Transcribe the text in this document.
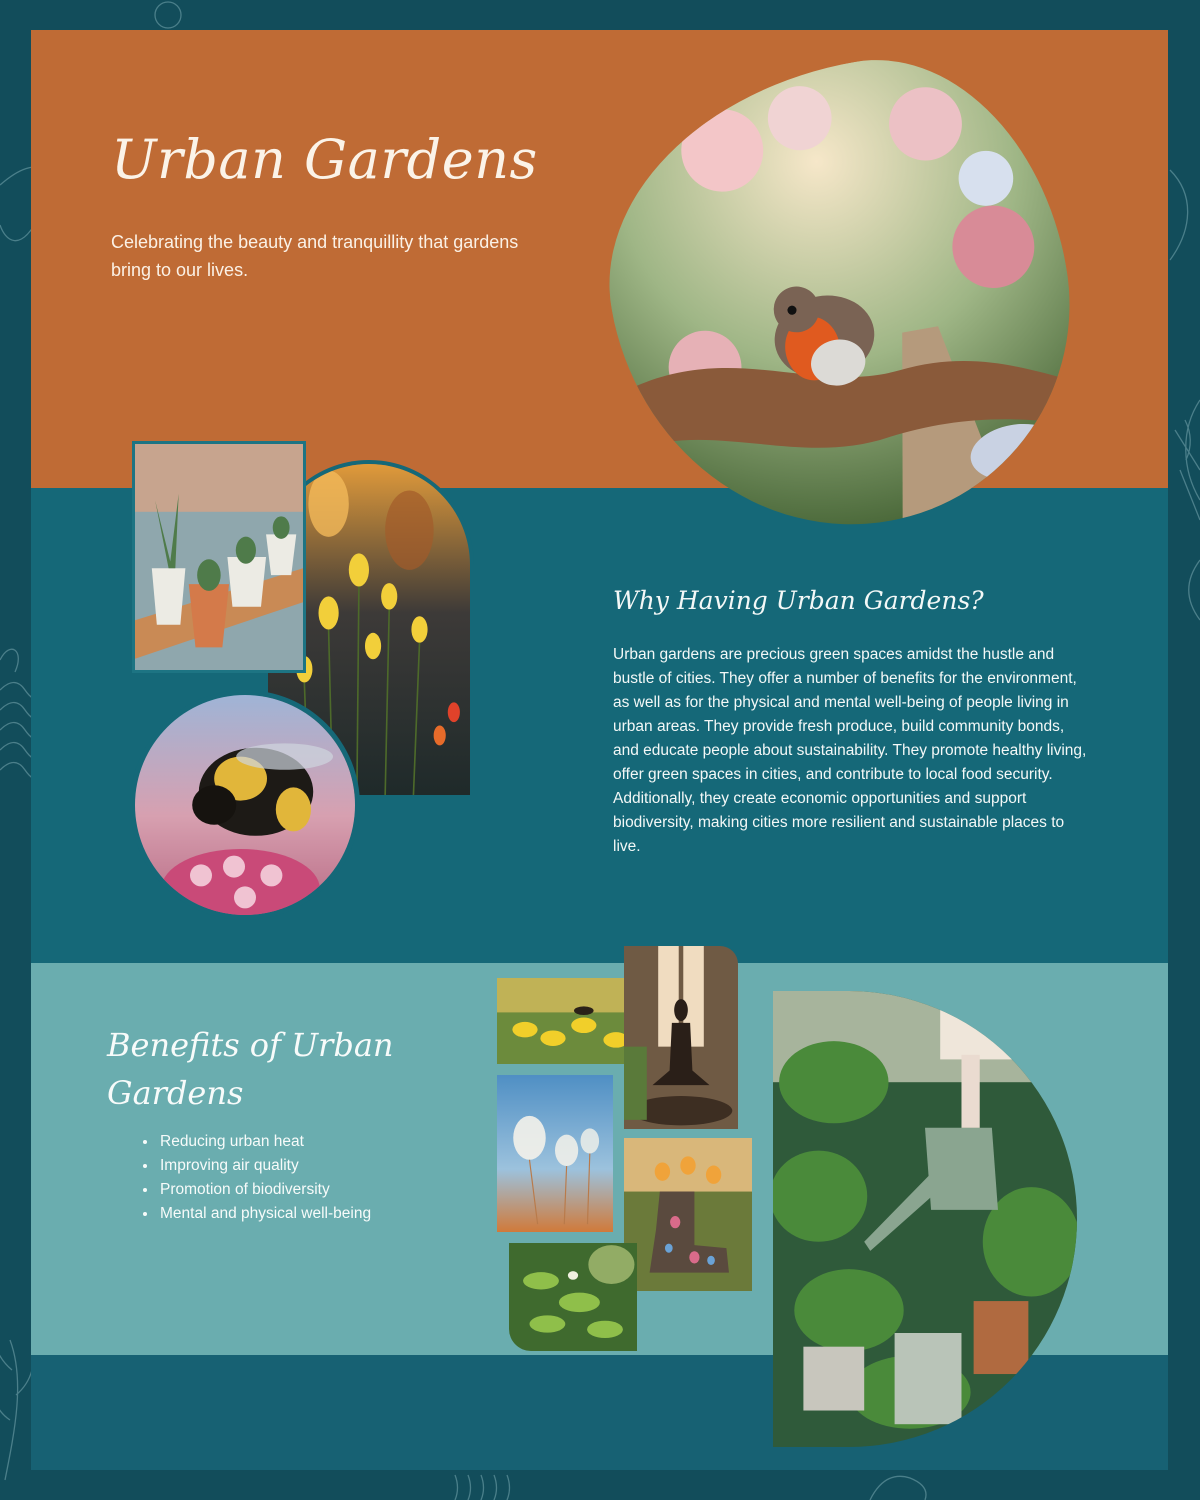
Urban Gardens

Celebrating the beauty and tranquillity that gardens bring to our lives.

Why Having Urban Gardens?

Urban gardens are precious green spaces amidst the hustle and bustle of cities. They offer a number of benefits for the environment, as well as for the physical and mental well-being of people living in urban areas. They provide fresh produce, build community bonds, and educate people about sustainability. They promote healthy living, offer green spaces in cities, and contribute to local food security. Additionally, they create economic opportunities and support biodiversity, making cities more resilient and sustainable places to live.

Benefits of Urban Gardens
• Reducing urban heat
• Improving air quality
• Promotion of biodiversity
• Mental and physical well-being
